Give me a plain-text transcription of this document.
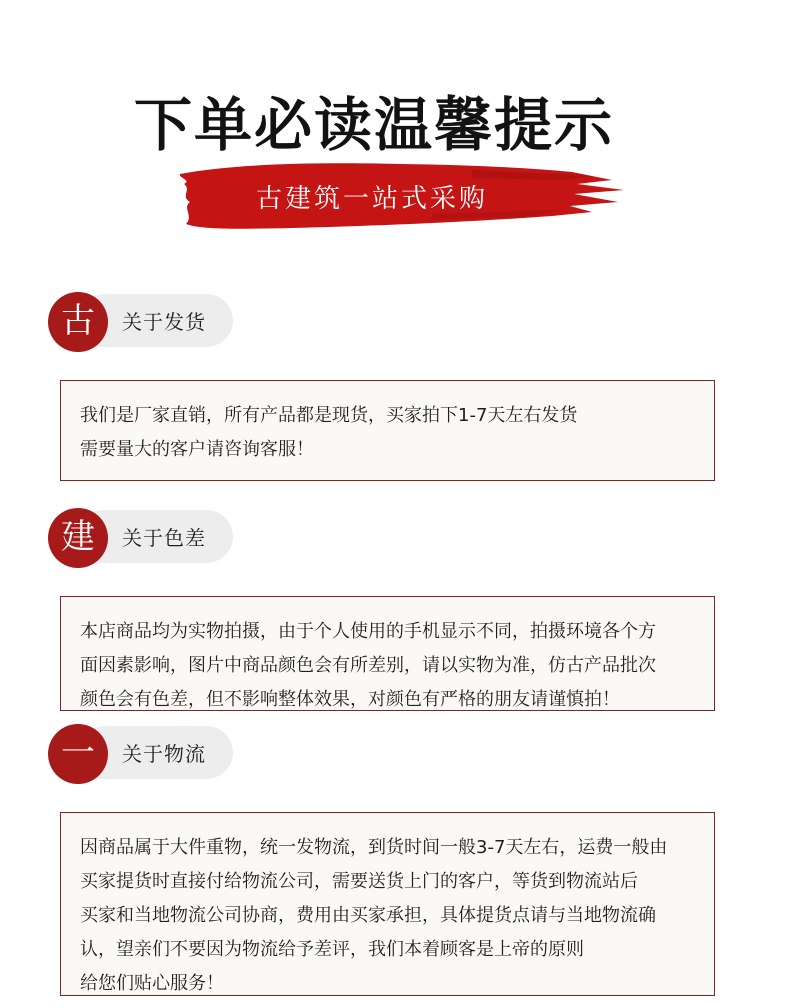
下单必读温馨提示
古建筑一站式采购
古	关于发货
我们是厂家直销，所有产品都是现货，买家拍下1-7天左右发货
需要量大的客户请咨询客服！
建	关于色差
本店商品均为实物拍摄，由于个人使用的手机显示不同，拍摄环境各个方
面因素影响，图片中商品颜色会有所差别，请以实物为准，仿古产品批次
颜色会有色差，但不影响整体效果，对颜色有严格的朋友请谨慎拍！
一	关于物流
因商品属于大件重物，统一发物流，到货时间一般3-7天左右，运费一般由
买家提货时直接付给物流公司，需要送货上门的客户，等货到物流站后
买家和当地物流公司协商，费用由买家承担，具体提货点请与当地物流确
认，望亲们不要因为物流给予差评，我们本着顾客是上帝的原则
给您们贴心服务！
